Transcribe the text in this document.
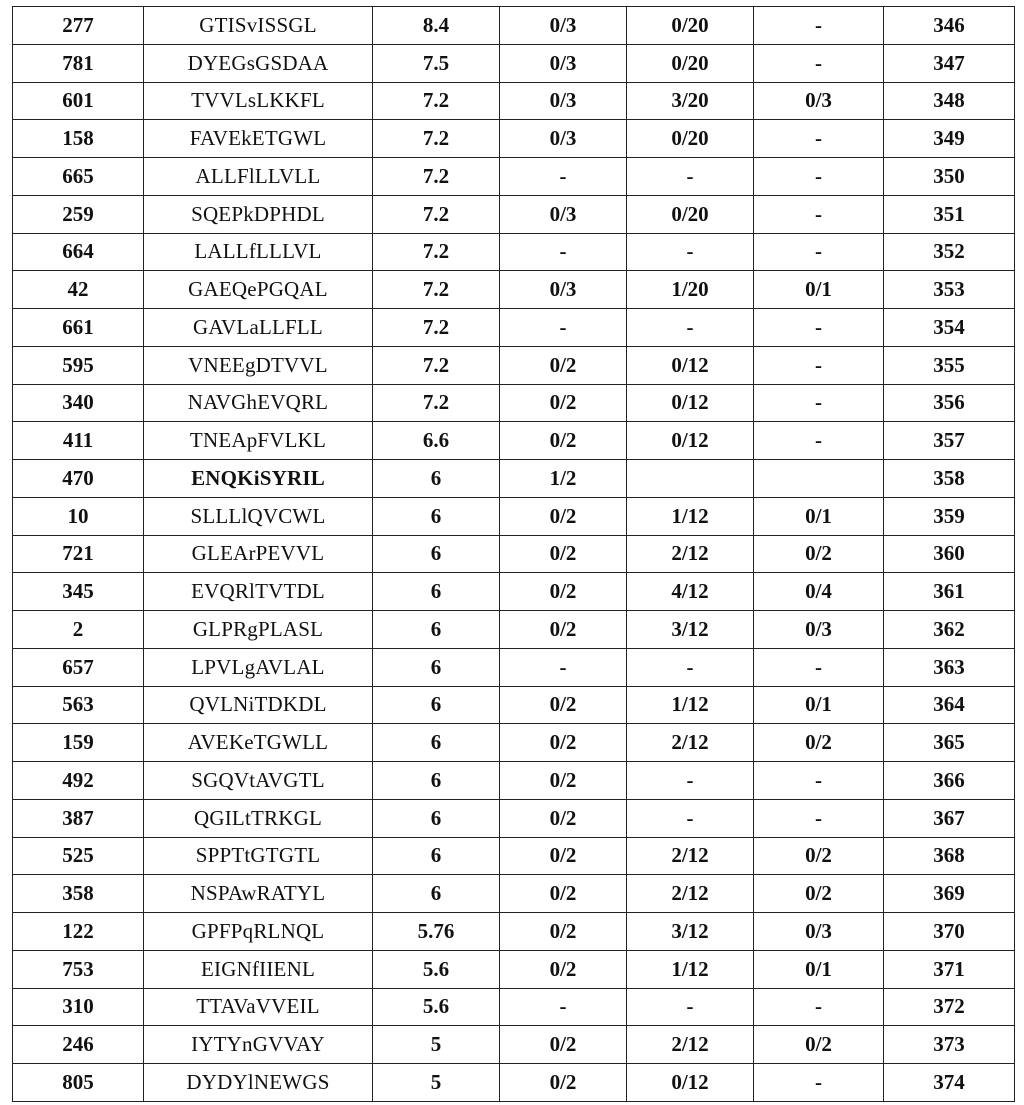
277	GTISvISSGL	8.4	0/3	0/20	-	346
781	DYEGsGSDAA	7.5	0/3	0/20	-	347
601	TVVLsLKKFL	7.2	0/3	3/20	0/3	348
158	FAVEkETGWL	7.2	0/3	0/20	-	349
665	ALLFlLLVLL	7.2	-	-	-	350
259	SQEPkDPHDL	7.2	0/3	0/20	-	351
664	LALLfLLLVL	7.2	-	-	-	352
42	GAEQePGQAL	7.2	0/3	1/20	0/1	353
661	GAVLaLLFLL	7.2	-	-	-	354
595	VNEEgDTVVL	7.2	0/2	0/12	-	355
340	NAVGhEVQRL	7.2	0/2	0/12	-	356
411	TNEApFVLKL	6.6	0/2	0/12	-	357
470	ENQKiSYRIL	6	1/2			358
10	SLLLlQVCWL	6	0/2	1/12	0/1	359
721	GLEArPEVVL	6	0/2	2/12	0/2	360
345	EVQRlTVTDL	6	0/2	4/12	0/4	361
2	GLPRgPLASL	6	0/2	3/12	0/3	362
657	LPVLgAVLAL	6	-	-	-	363
563	QVLNiTDKDL	6	0/2	1/12	0/1	364
159	AVEKeTGWLL	6	0/2	2/12	0/2	365
492	SGQVtAVGTL	6	0/2	-	-	366
387	QGILtTRKGL	6	0/2	-	-	367
525	SPPTtGTGTL	6	0/2	2/12	0/2	368
358	NSPAwRATYL	6	0/2	2/12	0/2	369
122	GPFPqRLNQL	5.76	0/2	3/12	0/3	370
753	EIGNfIIENL	5.6	0/2	1/12	0/1	371
310	TTAVaVVEIL	5.6	-	-	-	372
246	IYTYnGVVAY	5	0/2	2/12	0/2	373
805	DYDYlNEWGS	5	0/2	0/12	-	374
